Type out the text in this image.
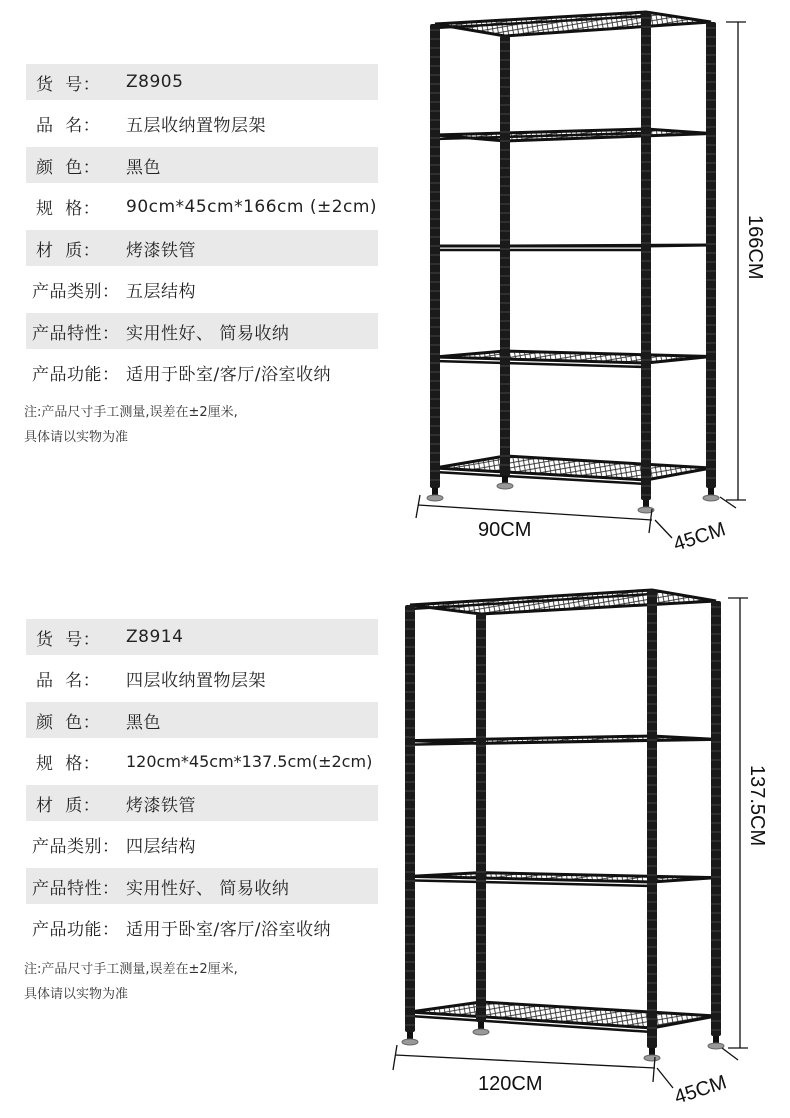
货  号：	Z8905
品  名：	五层收纳置物层架
颜  色：	黑色
规  格：	90cm*45cm*166cm (±2cm)
材  质：	烤漆铁管
产品类别： 五层结构
产品特性： 实用性好、 简易收纳
产品功能： 适用于卧室/客厅/浴室收纳
注:产品尺寸手工测量,误差在±2厘米,
具体请以实物为准
166CM
90CM	45CM
货  号：	Z8914
品  名：	四层收纳置物层架
颜  色：	黑色
规  格：	120cm*45cm*137.5cm(±2cm)
材  质：	烤漆铁管
产品类别： 四层结构
产品特性： 实用性好、 简易收纳
产品功能： 适用于卧室/客厅/浴室收纳
注:产品尺寸手工测量,误差在±2厘米,
具体请以实物为准
137.5CM
120CM	45CM
